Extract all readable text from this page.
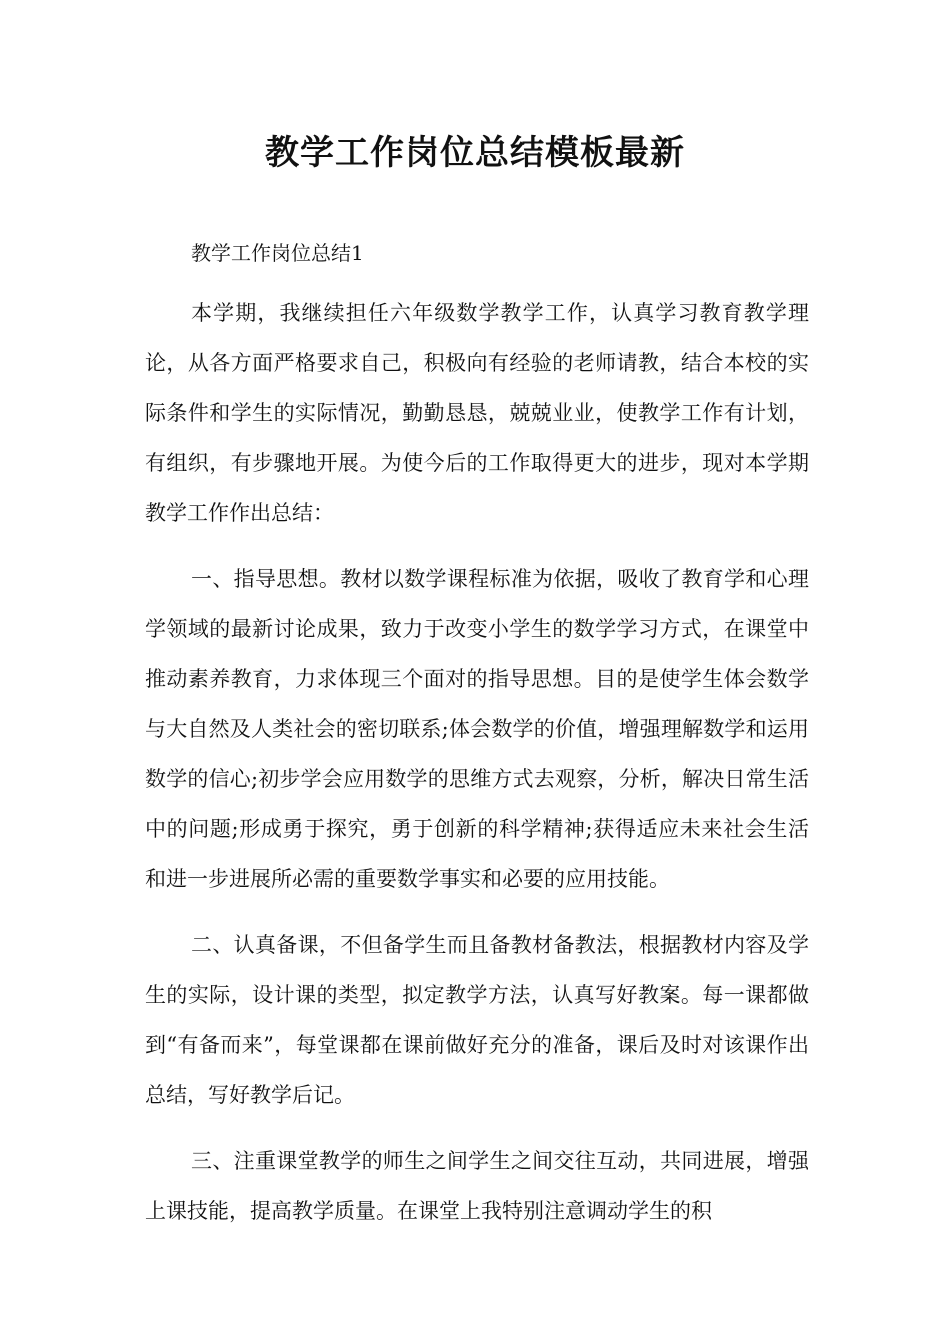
教学工作岗位总结模板最新

教学工作岗位总结1

本学期，我继续担任六年级数学教学工作，认真学习教育教学理论，从各方面严格要求自己，积极向有经验的老师请教，结合本校的实际条件和学生的实际情况，勤勤恳恳，兢兢业业，使教学工作有计划，有组织，有步骤地开展。为使今后的工作取得更大的进步，现对本学期教学工作作出总结：

一、指导思想。教材以数学课程标准为依据，吸收了教育学和心理学领域的最新讨论成果，致力于改变小学生的数学学习方式，在课堂中推动素养教育，力求体现三个面对的指导思想。目的是使学生体会数学与大自然及人类社会的密切联系;体会数学的价值，增强理解数学和运用数学的信心;初步学会应用数学的思维方式去观察，分析，解决日常生活中的问题;形成勇于探究，勇于创新的科学精神;获得适应未来社会生活和进一步进展所必需的重要数学事实和必要的应用技能。

二、认真备课，不但备学生而且备教材备教法，根据教材内容及学生的实际，设计课的类型，拟定教学方法，认真写好教案。每一课都做到“有备而来”，每堂课都在课前做好充分的准备，课后及时对该课作出总结，写好教学后记。

三、注重课堂教学的师生之间学生之间交往互动，共同进展，增强上课技能，提高教学质量。在课堂上我特别注意调动学生的积
